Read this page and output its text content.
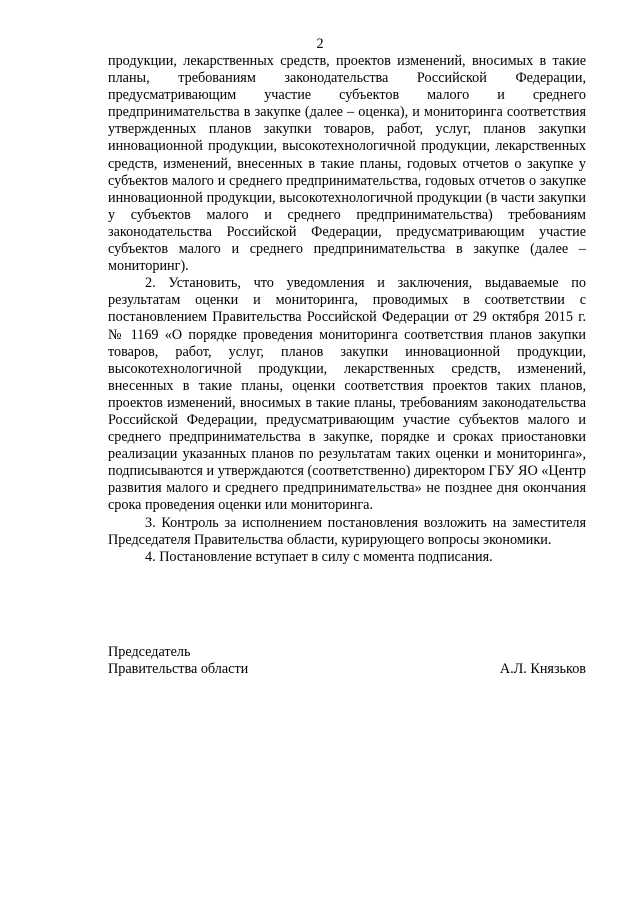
2

продукции, лекарственных средств, проектов изменений, вносимых в такие планы, требованиям законодательства Российской Федерации, предусматривающим участие субъектов малого и среднего предпринимательства в закупке (далее – оценка), и мониторинга соответствия утвержденных планов закупки товаров, работ, услуг, планов закупки инновационной продукции, высокотехнологичной продукции, лекарственных средств, изменений, внесенных в такие планы, годовых отчетов о закупке у субъектов малого и среднего предпринимательства, годовых отчетов о закупке инновационной продукции, высокотехнологичной продукции (в части закупки у субъектов малого и среднего предпринимательства) требованиям законодательства Российской Федерации, предусматривающим участие субъектов малого и среднего предпринимательства в закупке (далее – мониторинг).

2. Установить, что уведомления и заключения, выдаваемые по результатам оценки и мониторинга, проводимых в соответствии с постановлением Правительства Российской Федерации от 29 октября 2015 г. № 1169 «О порядке проведения мониторинга соответствия планов закупки товаров, работ, услуг, планов закупки инновационной продукции, высокотехнологичной продукции, лекарственных средств, изменений, внесенных в такие планы, оценки соответствия проектов таких планов, проектов изменений, вносимых в такие планы, требованиям законодательства Российской Федерации, предусматривающим участие субъектов малого и среднего предпринимательства в закупке, порядке и сроках приостановки реализации указанных планов по результатам таких оценки и мониторинга», подписываются и утверждаются (соответственно) директором ГБУ ЯО «Центр развития малого и среднего предпринимательства» не позднее дня окончания срока проведения оценки или мониторинга.

3. Контроль за исполнением постановления возложить на заместителя Председателя Правительства области, курирующего вопросы экономики.

4. Постановление вступает в силу с момента подписания.

Председатель
Правительства области	А.Л. Князьков
